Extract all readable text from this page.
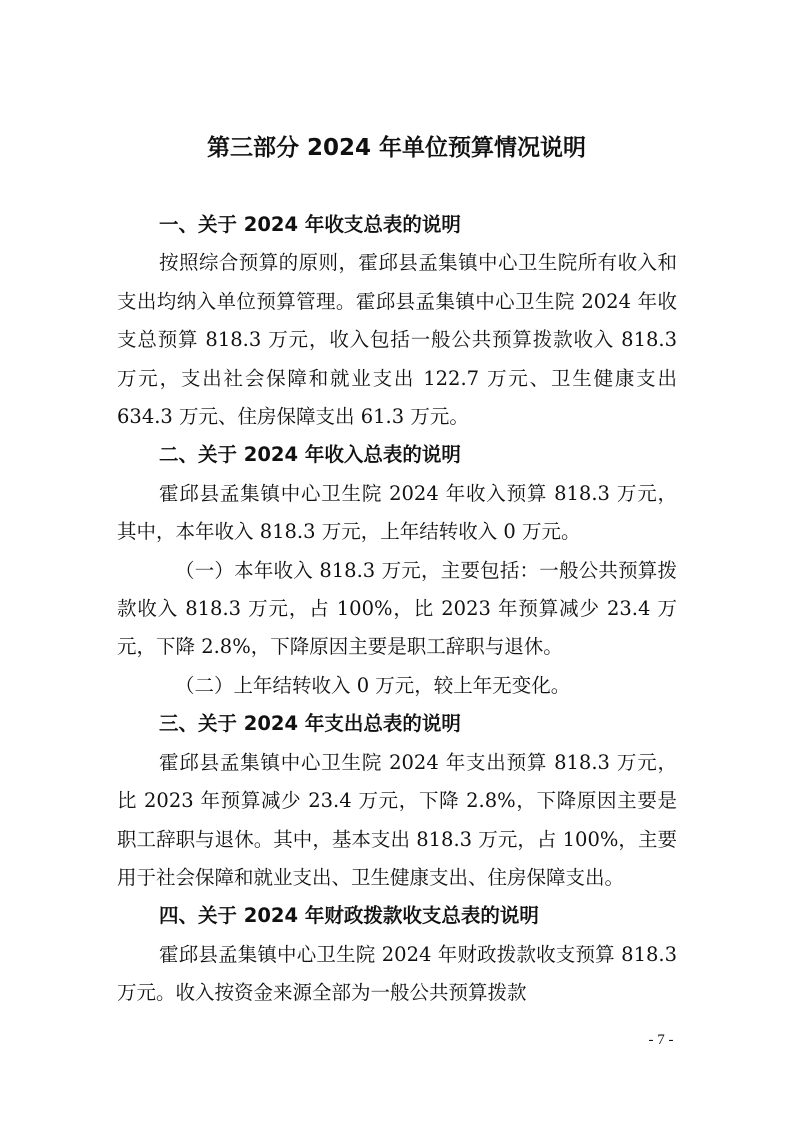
第三部分 2024 年单位预算情况说明
一、关于 2024 年收支总表的说明

按照综合预算的原则，霍邱县孟集镇中心卫生院所有收入和支出均纳入单位预算管理。霍邱县孟集镇中心卫生院 2024 年收支总预算 818.3 万元，收入包括一般公共预算拨款收入 818.3 万元，支出社会保障和就业支出 122.7 万元、卫生健康支出 634.3 万元、住房保障支出 61.3 万元。

二、关于 2024 年收入总表的说明

霍邱县孟集镇中心卫生院 2024 年收入预算 818.3 万元，其中，本年收入 818.3 万元，上年结转收入 0 万元。

（一）本年收入 818.3 万元，主要包括：一般公共预算拨款收入 818.3 万元，占 100%，比 2023 年预算减少 23.4 万元，下降 2.8%，下降原因主要是职工辞职与退休。

（二）上年结转收入 0 万元，较上年无变化。

三、关于 2024 年支出总表的说明

霍邱县孟集镇中心卫生院 2024 年支出预算 818.3 万元，比 2023 年预算减少 23.4 万元，下降 2.8%，下降原因主要是职工辞职与退休。其中，基本支出 818.3 万元，占 100%，主要用于社会保障和就业支出、卫生健康支出、住房保障支出。

四、关于 2024 年财政拨款收支总表的说明

霍邱县孟集镇中心卫生院 2024 年财政拨款收支预算 818.3 万元。收入按资金来源全部为一般公共预算拨款

- 7 -
